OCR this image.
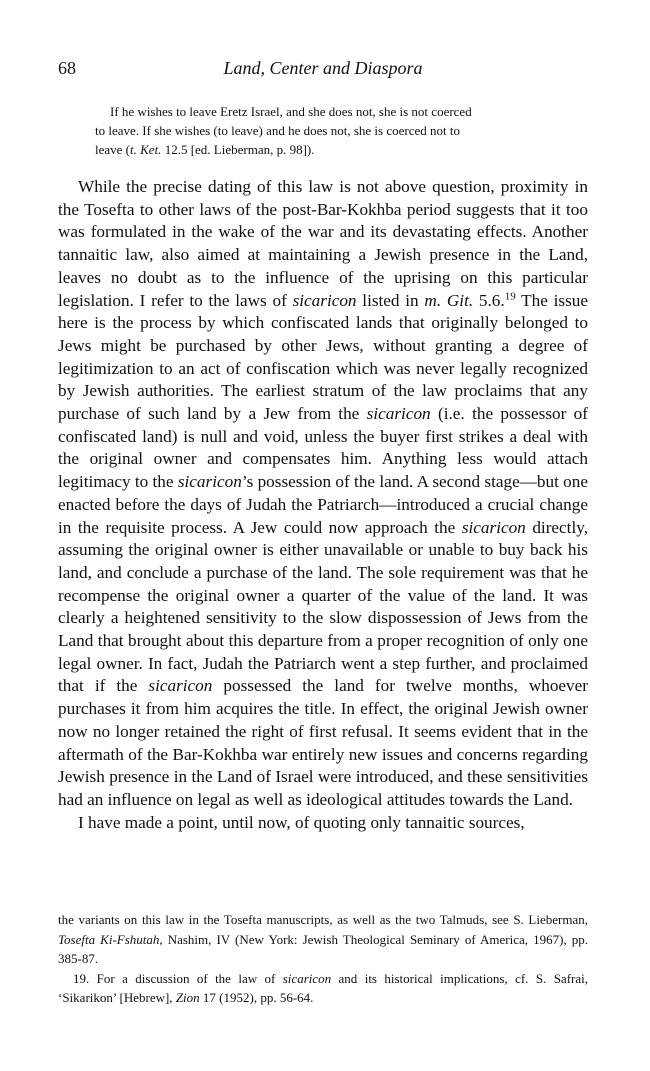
68	Land, Center and Diaspora

If he wishes to leave Eretz Israel, and she does not, she is not coerced

to leave. If she wishes (to leave) and he does not, she is coerced not to

leave (t. Ket. 12.5 [ed. Lieberman, p. 98]).

While the precise dating of this law is not above question, proximity in the Tosefta to other laws of the post-Bar-Kokhba period suggests that it too was formulated in the wake of the war and its devastating effects. Another tannaitic law, also aimed at maintaining a Jewish presence in the Land, leaves no doubt as to the influence of the uprising on this particular legislation. I refer to the laws of sicaricon listed in m. Git. 5.6.19 The issue here is the process by which confiscated lands that originally belonged to Jews might be purchased by other Jews, without granting a degree of legitimization to an act of confiscation which was never legally recognized by Jewish authorities. The earliest stratum of the law proclaims that any purchase of such land by a Jew from the sicaricon (i.e. the possessor of confiscated land) is null and void, unless the buyer first strikes a deal with the original owner and compensates him. Anything less would attach legitimacy to the sicaricon’s possession of the land. A second stage—but one enacted before the days of Judah the Patriarch—introduced a crucial change in the requisite process. A Jew could now approach the sicaricon directly, assuming the original owner is either unavailable or unable to buy back his land, and conclude a purchase of the land. The sole requirement was that he recompense the original owner a quarter of the value of the land. It was clearly a heightened sensitivity to the slow dispossession of Jews from the Land that brought about this departure from a proper recognition of only one legal owner. In fact, Judah the Patriarch went a step further, and proclaimed that if the sicaricon possessed the land for twelve months, whoever purchases it from him acquires the title. In effect, the original Jewish owner now no longer retained the right of first refusal. It seems evident that in the aftermath of the Bar-Kokhba war entirely new issues and concerns regarding Jewish presence in the Land of Israel were introduced, and these sensitivities had an influence on legal as well as ideological attitudes towards the Land.

I have made a point, until now, of quoting only tannaitic sources,

the variants on this law in the Tosefta manuscripts, as well as the two Talmuds, see S. Lieberman, Tosefta Ki-Fshutah, Nashim, IV (New York: Jewish Theological Seminary of America, 1967), pp. 385-87.

19. For a discussion of the law of sicaricon and its historical implications, cf. S. Safrai, ‘Sikarikon’ [Hebrew], Zion 17 (1952), pp. 56-64.
